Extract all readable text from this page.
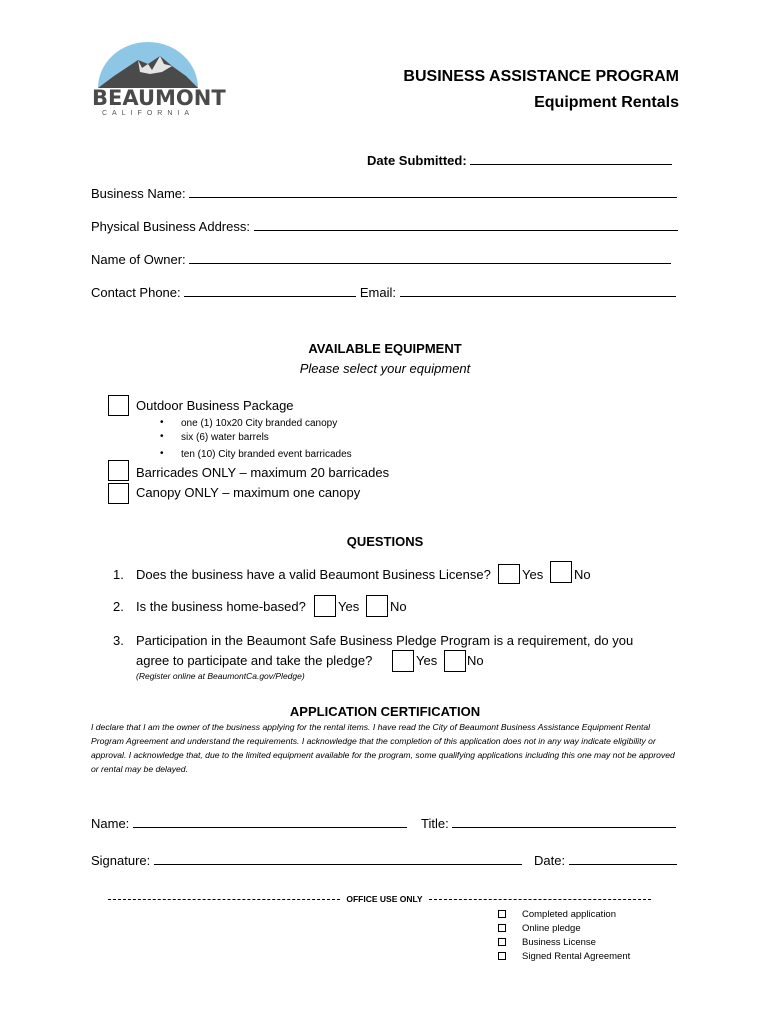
BEAUMONT
CALIFORNIA
BUSINESS ASSISTANCE PROGRAM
Equipment Rentals
Date Submitted:
Business Name:
Physical Business Address:
Name of Owner:
Contact Phone:	Email:
AVAILABLE EQUIPMENT
Please select your equipment
Outdoor Business Package
• one (1) 10x20 City branded canopy
• six (6) water barrels
• ten (10) City branded event barricades
Barricades ONLY – maximum 20 barricades
Canopy ONLY – maximum one canopy
QUESTIONS
1. Does the business have a valid Beaumont Business License? Yes No
2. Is the business home-based? Yes No
3. Participation in the Beaumont Safe Business Pledge Program is a requirement, do you
agree to participate and take the pledge?	Yes No
(Register online at BeaumontCa.gov/Pledge)
APPLICATION CERTIFICATION
I declare that I am the owner of the business applying for the rental items. I have read the City of Beaumont Business Assistance Equipment Rental Program Agreement and understand the requirements. I acknowledge that the completion of this application does not in any way indicate eligibility or approval. I acknowledge that, due to the limited equipment available for the program, some qualifying applications including this one may not be approved or rental may be delayed.
Name:	Title:
Signature:	Date:
OFFICE USE ONLY
Completed application
Online pledge
Business License
Signed Rental Agreement
